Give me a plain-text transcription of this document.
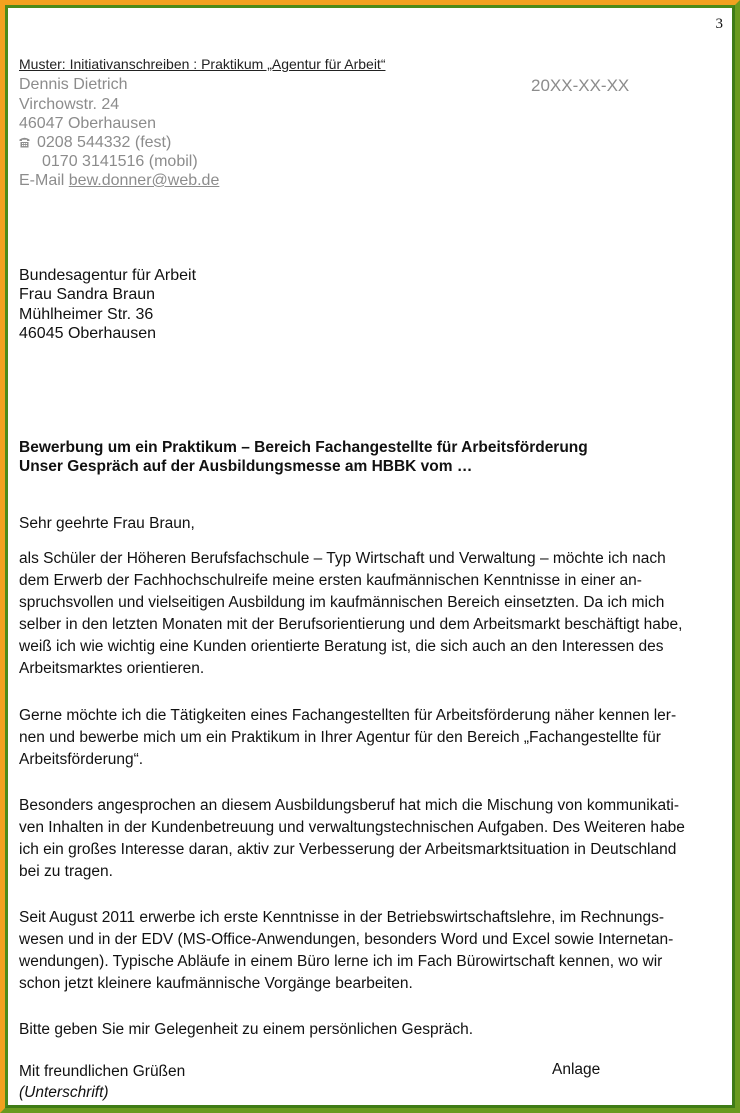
3

Muster: Initiativanschreiben : Praktikum „Agentur für Arbeit“

Dennis Dietrich	20XX-XX-XX

Virchowstr. 24

46047 Oberhausen

0208 544332 (fest)

0170 3141516 (mobil)

E-Mail bew.donner@web.de

Bundesagentur für Arbeit

Frau Sandra Braun

Mühlheimer Str. 36

46045 Oberhausen

Bewerbung um ein Praktikum – Bereich Fachangestellte für Arbeitsförderung

Unser Gespräch auf der Ausbildungsmesse am HBBK vom …

Sehr geehrte Frau Braun,

als Schüler der Höheren Berufsfachschule – Typ Wirtschaft und Verwaltung – möchte ich nach

dem Erwerb der Fachhochschulreife meine ersten kaufmännischen Kenntnisse in einer an-

spruchsvollen und vielseitigen Ausbildung im kaufmännischen Bereich einsetzten. Da ich mich

selber in den letzten Monaten mit der Berufsorientierung und dem Arbeitsmarkt beschäftigt habe,

weiß ich wie wichtig eine Kunden orientierte Beratung ist, die sich auch an den Interessen des

Arbeitsmarktes orientieren.

Gerne möchte ich die Tätigkeiten eines Fachangestellten für Arbeitsförderung näher kennen ler-

nen und bewerbe mich um ein Praktikum in Ihrer Agentur für den Bereich „Fachangestellte für

Arbeitsförderung“.

Besonders angesprochen an diesem Ausbildungsberuf hat mich die Mischung von kommunikati-

ven Inhalten in der Kundenbetreuung und verwaltungstechnischen Aufgaben. Des Weiteren habe

ich ein großes Interesse daran, aktiv zur Verbesserung der Arbeitsmarktsituation in Deutschland

bei zu tragen.

Seit August 2011 erwerbe ich erste Kenntnisse in der Betriebswirtschaftslehre, im Rechnungs-

wesen und in der EDV (MS-Office-Anwendungen, besonders Word und Excel sowie Internetan-

wendungen). Typische Abläufe in einem Büro lerne ich im Fach Bürowirtschaft kennen, wo wir

schon jetzt kleinere kaufmännische Vorgänge bearbeiten.

Bitte geben Sie mir Gelegenheit zu einem persönlichen Gespräch.

Mit freundlichen Grüßen	Anlage

(Unterschrift)
